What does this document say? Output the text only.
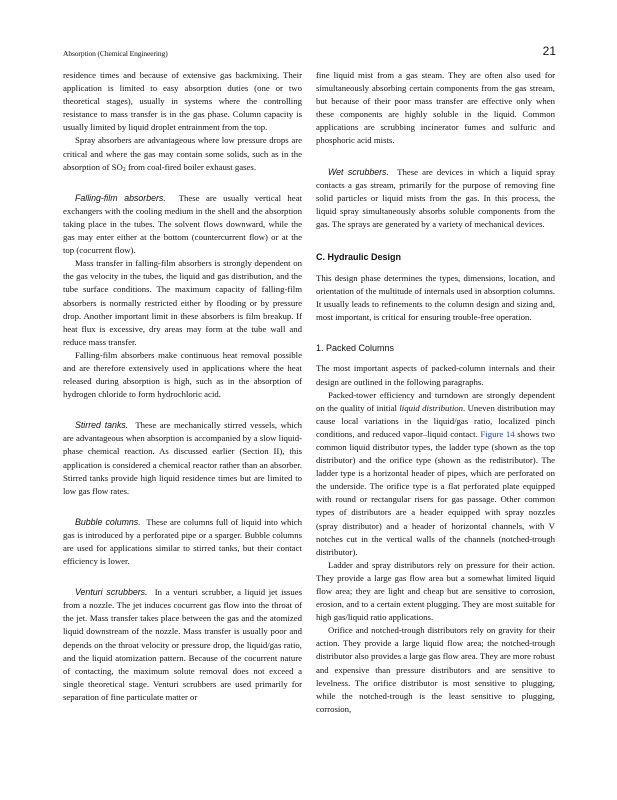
Absorption (Chemical Engineering)	21

residence times and because of extensive gas backmixing. Their application is limited to easy absorption duties (one or two theoretical stages), usually in systems where the controlling resistance to mass transfer is in the gas phase. Column capacity is usually limited by liquid droplet entrainment from the top.

Spray absorbers are advantageous where low pressure drops are critical and where the gas may contain some solids, such as in the absorption of $SO_2$ from coal-fired boiler exhaust gases.

Falling-film absorbers. These are usually vertical heat exchangers with the cooling medium in the shell and the absorption taking place in the tubes. The solvent flows downward, while the gas may enter either at the bottom (countercurrent flow) or at the top (cocurrent flow).

Mass transfer in falling-film absorbers is strongly dependent on the gas velocity in the tubes, the liquid and gas distribution, and the tube surface conditions. The maximum capacity of falling-film absorbers is normally restricted either by flooding or by pressure drop. Another important limit in these absorbers is film breakup. If heat flux is excessive, dry areas may form at the tube wall and reduce mass transfer.

Falling-film absorbers make continuous heat removal possible and are therefore extensively used in applications where the heat released during absorption is high, such as in the absorption of hydrogen chloride to form hydrochloric acid.

Stirred tanks. These are mechanically stirred vessels, which are advantageous when absorption is accompanied by a slow liquid-phase chemical reaction. As discussed earlier (Section II), this application is considered a chemical reactor rather than an absorber. Stirred tanks provide high liquid residence times but are limited to low gas flow rates.

Bubble columns. These are columns full of liquid into which gas is introduced by a perforated pipe or a sparger. Bubble columns are used for applications similar to stirred tanks, but their contact efficiency is lower.

Venturi scrubbers. In a venturi scrubber, a liquid jet issues from a nozzle. The jet induces cocurrent gas flow into the throat of the jet. Mass transfer takes place between the gas and the atomized liquid downstream of the nozzle. Mass transfer is usually poor and depends on the throat velocity or pressure drop, the liquid/gas ratio, and the liquid atomization pattern. Because of the cocurrent nature of contacting, the maximum solute removal does not exceed a single theoretical stage. Venturi scrubbers are used primarily for separation of fine particulate matter or

fine liquid mist from a gas steam. They are often also used for simultaneously absorbing certain components from the gas stream, but because of their poor mass transfer are effective only when these components are highly soluble in the liquid. Common applications are scrubbing incinerator fumes and sulfuric and phosphoric acid mists.

Wet scrubbers. These are devices in which a liquid spray contacts a gas stream, primarily for the purpose of removing fine solid particles or liquid mists from the gas. In this process, the liquid spray simultaneously absorbs soluble components from the gas. The sprays are generated by a variety of mechanical devices.

C. Hydraulic Design

This design phase determines the types, dimensions, location, and orientation of the multitude of internals used in absorption columns. It usually leads to refinements to the column design and sizing and, most important, is critical for ensuring trouble-free operation.

1. Packed Columns

The most important aspects of packed-column internals and their design are outlined in the following paragraphs.

Packed-tower efficiency and turndown are strongly dependent on the quality of initial liquid distribution. Uneven distribution may cause local variations in the liquid/gas ratio, localized pinch conditions, and reduced vapor–liquid contact. Figure 14 shows two common liquid distributor types, the ladder type (shown as the top distributor) and the orifice type (shown as the redistributor). The ladder type is a horizontal header of pipes, which are perforated on the underside. The orifice type is a flat perforated plate equipped with round or rectangular risers for gas passage. Other common types of distributors are a header equipped with spray nozzles (spray distributor) and a header of horizontal channels, with V notches cut in the vertical walls of the channels (notched-trough distributor).

Ladder and spray distributors rely on pressure for their action. They provide a large gas flow area but a somewhat limited liquid flow area; they are light and cheap but are sensitive to corrosion, erosion, and to a certain extent plugging. They are most suitable for high gas/liquid ratio applications.

Orifice and notched-trough distributors rely on gravity for their action. They provide a large liquid flow area; the notched-trough distributor also provides a large gas flow area. They are more robust and expensive than pressure distributors and are sensitive to levelness. The orifice distributor is most sensitive to plugging, while the notched-trough is the least sensitive to plugging, corrosion,
